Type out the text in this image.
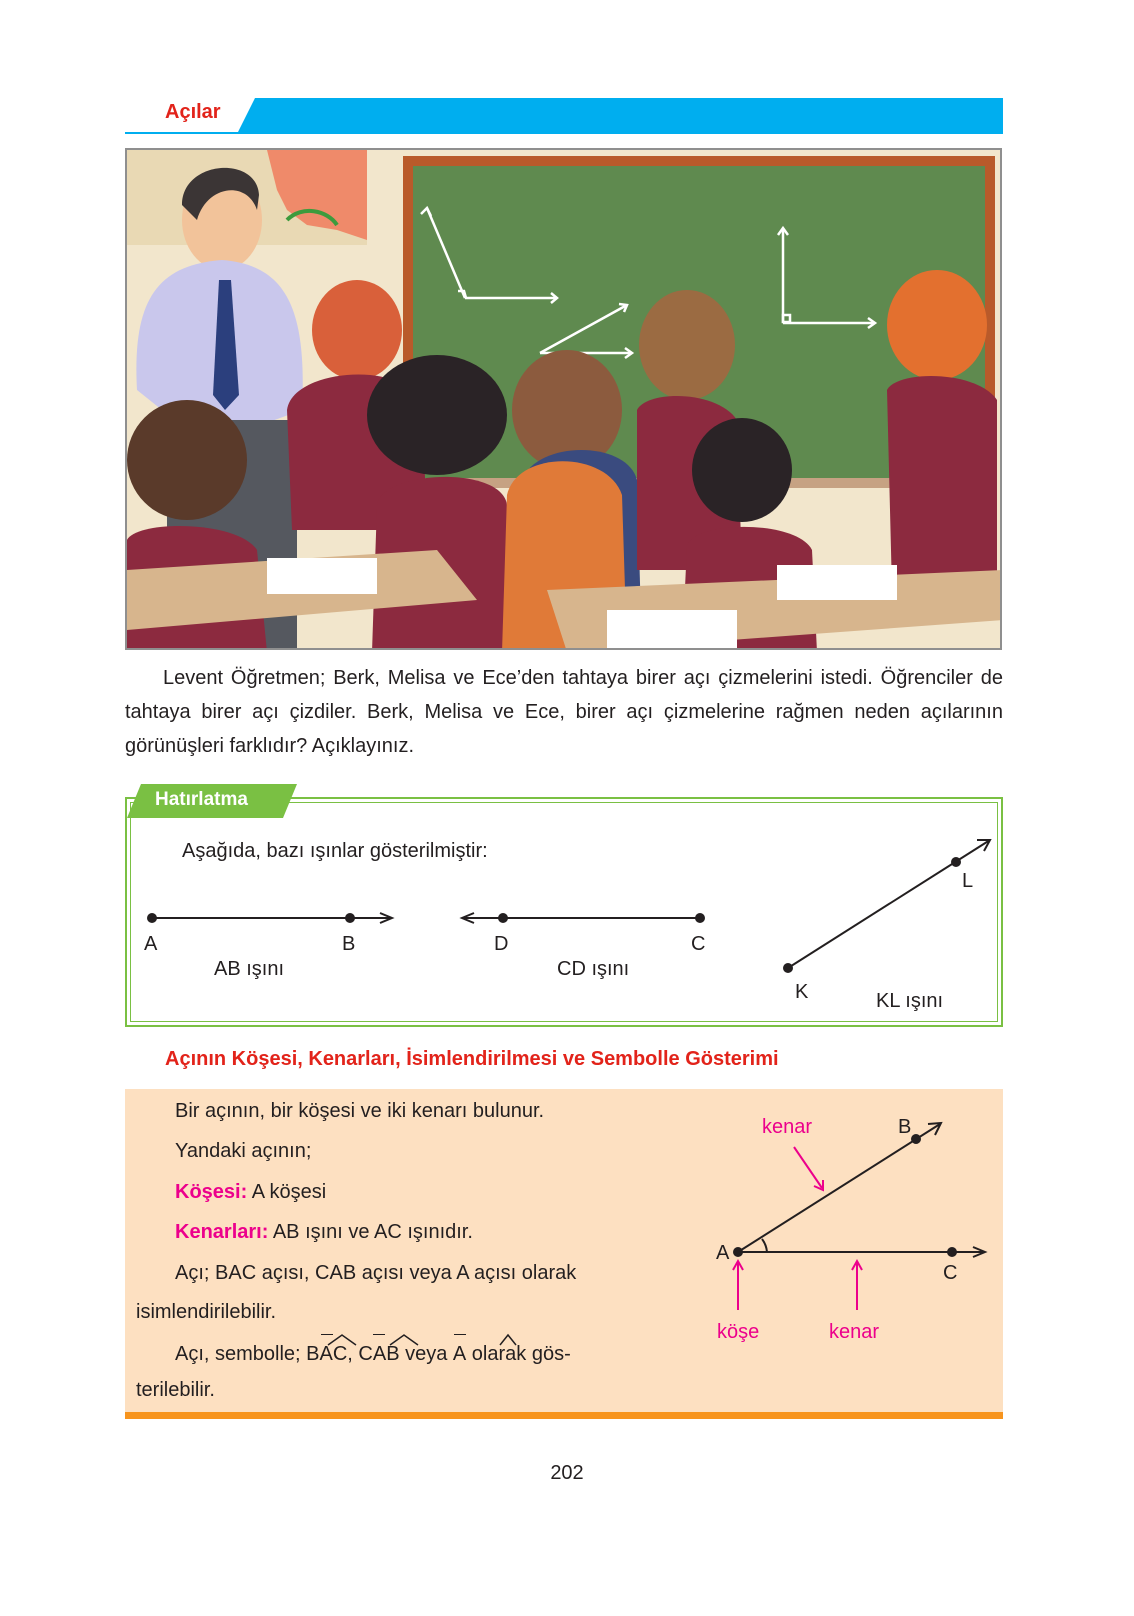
Açılar
Levent Öğretmen; Berk, Melisa ve Ece’den tahtaya birer açı çizmelerini istedi. Öğrenciler de tahtaya birer açı çizdiler. Berk, Melisa ve Ece, birer açı çizmelerine rağmen neden açılarının görünüşleri farklıdır? Açıklayınız.
Hatırlatma
Aşağıda, bazı ışınlar gösterilmiştir:
A	B
AB ışını
D	C
CD ışını
K
L
KL ışını
Açının Köşesi, Kenarları, İsimlendirilmesi ve Sembolle Gösterimi
Bir açının, bir köşesi ve iki kenarı bulunur.
Yandaki açının;
Köşesi: A köşesi
Kenarları: AB ışını ve AC ışınıdır.
Açı; BAC açısı, CAB açısı veya A açısı olarak
isimlendirilebilir.
Açı, sembolle; BAC, CAB veya A olarak gös-
terilebilir.
kenar	B
A
C
köşe	kenar
202
